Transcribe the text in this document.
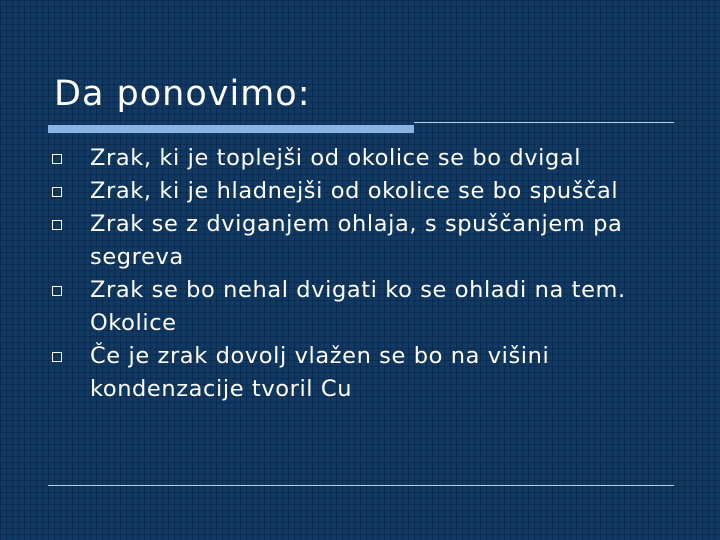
Da ponovimo:
Zrak, ki je toplejši od okolice se bo dvigal
Zrak, ki je hladnejši od okolice se bo spuščal
Zrak se z dviganjem ohlaja, s spuščanjem pa segreva
Zrak se bo nehal dvigati ko se ohladi na tem. Okolice
Če je zrak dovolj vlažen se bo na višini kondenzacije tvoril Cu
